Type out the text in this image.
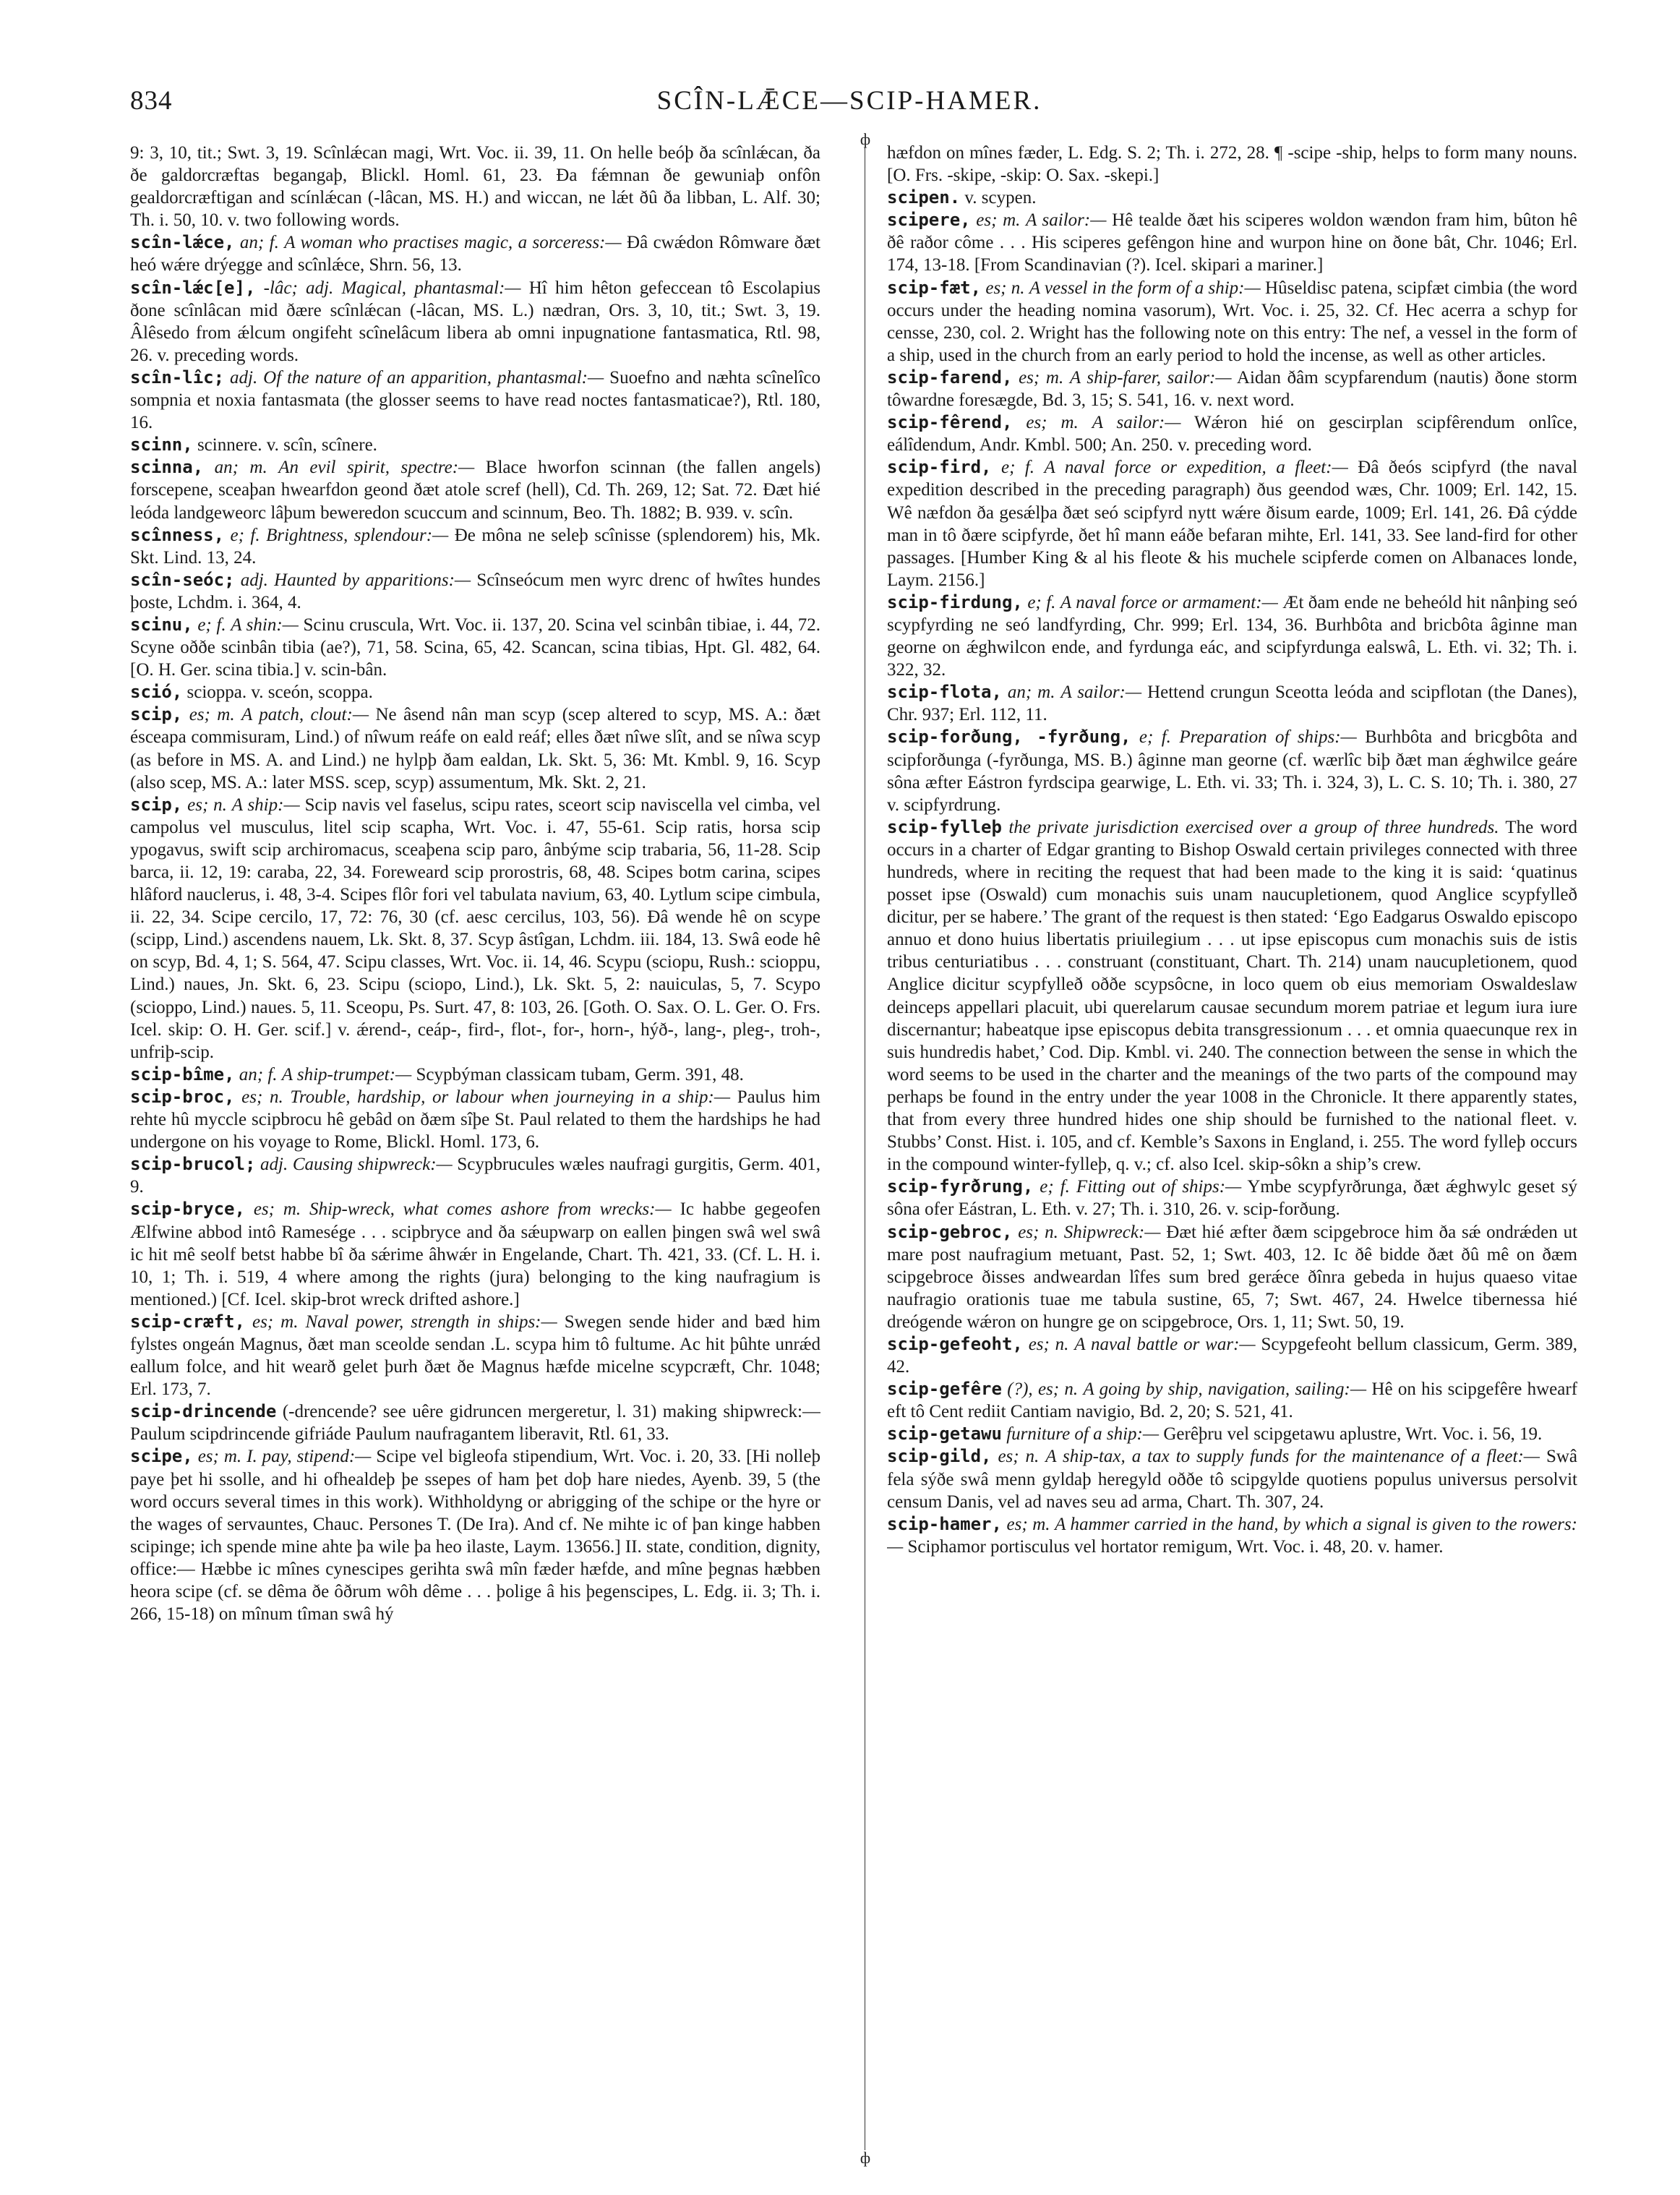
834	SCÎN-LǢCE—SCIP-HAMER.

9: 3, 10, tit.; Swt. 3, 19. Scînlǽcan magi, Wrt. Voc. ii. 39, 11. On helle beóþ ða scînlǽcan, ða ðe galdorcræftas begangaþ, Blickl. Homl. 61, 23. Ða fǽmnan ðe gewuniaþ onfôn gealdorcræftigan and scínlǽcan (-lâcan, MS. H.) and wiccan, ne lǽt ðû ða libban, L. Alf. 30; Th. i. 50, 10. v. two following words.

scîn-lǽce, an; f. A woman who practises magic, a sorceress:— Ðâ cwǽdon Rômware ðæt heó wǽre drýegge and scînlǽce, Shrn. 56, 13.

scîn-lǽc[e], -lâc; adj. Magical, phantasmal:— Hî him hêton gefeccean tô Escolapius ðone scînlâcan mid ðære scînlǽcan (-lâcan, MS. L.) nædran, Ors. 3, 10, tit.; Swt. 3, 19. Âlêsedo from ǽlcum ongifeht scînelâcum libera ab omni inpugnatione fantasmatica, Rtl. 98, 26. v. preceding words.

scîn-lîc; adj. Of the nature of an apparition, phantasmal:— Suoefno and næhta scînelîco sompnia et noxia fantasmata (the glosser seems to have read noctes fantasmaticae?), Rtl. 180, 16.

scinn, scinnere. v. scîn, scînere.

scinna, an; m. An evil spirit, spectre:— Blace hworfon scinnan (the fallen angels) forscepene, sceaþan hwearfdon geond ðæt atole scref (hell), Cd. Th. 269, 12; Sat. 72. Ðæt hié leóda landgeweorc lâþum beweredon scuccum and scinnum, Beo. Th. 1882; B. 939. v. scîn.

scînness, e; f. Brightness, splendour:— Ðe môna ne seleþ scînisse (splendorem) his, Mk. Skt. Lind. 13, 24.

scîn-seóc; adj. Haunted by apparitions:— Scînseócum men wyrc drenc of hwîtes hundes þoste, Lchdm. i. 364, 4.

scinu, e; f. A shin:— Scinu cruscula, Wrt. Voc. ii. 137, 20. Scina vel scinbân tibiae, i. 44, 72. Scyne oððe scinbân tibia (ae?), 71, 58. Scina, 65, 42. Scancan, scina tibias, Hpt. Gl. 482, 64. [O. H. Ger. scina tibia.] v. scin-bân.

sció, scioppa. v. sceón, scoppa.

scip, es; m. A patch, clout:— Ne âsend nân man scyp (scep altered to scyp, MS. A.: ðæt ésceapa commisuram, Lind.) of nîwum reáfe on eald reáf; elles ðæt nîwe slît, and se nîwa scyp (as before in MS. A. and Lind.) ne hylpþ ðam ealdan, Lk. Skt. 5, 36: Mt. Kmbl. 9, 16. Scyp (also scep, MS. A.: later MSS. scep, scyp) assumentum, Mk. Skt. 2, 21.

scip, es; n. A ship:— Scip navis vel faselus, scipu rates, sceort scip naviscella vel cimba, vel campolus vel musculus, litel scip scapha, Wrt. Voc. i. 47, 55-61. Scip ratis, horsa scip ypogavus, swift scip archiromacus, sceaþena scip paro, ânbýme scip trabaria, 56, 11-28. Scip barca, ii. 12, 19: caraba, 22, 34. Foreweard scip prorostris, 68, 48. Scipes botm carina, scipes hlâford nauclerus, i. 48, 3-4. Scipes flôr fori vel tabulata navium, 63, 40. Lytlum scipe cimbula, ii. 22, 34. Scipe cercilo, 17, 72: 76, 30 (cf. aesc cercilus, 103, 56). Ðâ wende hê on scype (scipp, Lind.) ascendens nauem, Lk. Skt. 8, 37. Scyp âstîgan, Lchdm. iii. 184, 13. Swâ eode hê on scyp, Bd. 4, 1; S. 564, 47. Scipu classes, Wrt. Voc. ii. 14, 46. Scypu (sciopu, Rush.: scioppu, Lind.) naues, Jn. Skt. 6, 23. Scipu (sciopo, Lind.), Lk. Skt. 5, 2: nauiculas, 5, 7. Scypo (scioppo, Lind.) naues. 5, 11. Sceopu, Ps. Surt. 47, 8: 103, 26. [Goth. O. Sax. O. L. Ger. O. Frs. Icel. skip: O. H. Ger. scif.] v. ǽrend-, ceáp-, fird-, flot-, for-, horn-, hýð-, lang-, pleg-, troh-, unfriþ-scip.

scip-bîme, an; f. A ship-trumpet:— Scypbýman classicam tubam, Germ. 391, 48.

scip-broc, es; n. Trouble, hardship, or labour when journeying in a ship:— Paulus him rehte hû myccle scipbrocu hê gebâd on ðæm sîþe St. Paul related to them the hardships he had undergone on his voyage to Rome, Blickl. Homl. 173, 6.

scip-brucol; adj. Causing shipwreck:— Scypbrucules wæles naufragi gurgitis, Germ. 401, 9.

scip-bryce, es; m. Ship-wreck, what comes ashore from wrecks:— Ic habbe gegeofen Ælfwine abbod intô Ramesége . . . scipbryce and ða sǽupwarp on eallen þingen swâ wel swâ ic hit mê seolf betst habbe bî ða sǽrime âhwǽr in Engelande, Chart. Th. 421, 33. (Cf. L. H. i. 10, 1; Th. i. 519, 4 where among the rights (jura) belonging to the king naufragium is mentioned.) [Cf. Icel. skip-brot wreck drifted ashore.]

scip-cræft, es; m. Naval power, strength in ships:— Swegen sende hider and bæd him fylstes ongeán Magnus, ðæt man sceolde sendan .L. scypa him tô fultume. Ac hit þûhte unrǽd eallum folce, and hit wearð gelet þurh ðæt ðe Magnus hæfde micelne scypcræft, Chr. 1048; Erl. 173, 7.

scip-drincende (-drencende? see uêre gidruncen mergeretur, l. 31) making shipwreck:—Paulum scipdrincende gifriáde Paulum naufragantem liberavit, Rtl. 61, 33.

scipe, es; m. I. pay, stipend:— Scipe vel bigleofa stipendium, Wrt. Voc. i. 20, 33. [Hi nolleþ paye þet hi ssolle, and hi ofhealdeþ þe ssepes of ham þet doþ hare niedes, Ayenb. 39, 5 (the word occurs several times in this work). Withholdyng or abrigging of the schipe or the hyre or the wages of servauntes, Chauc. Persones T. (De Ira). And cf. Ne mihte ic of þan kinge habben scipinge; ich spende mine ahte þa wile þa heo ilaste, Laym. 13656.] II. state, condition, dignity, office:— Hæbbe ic mînes cynescipes gerihta swâ mîn fæder hæfde, and mîne þegnas hæbben heora scipe (cf. se dêma ðe ôðrum wôh dême . . . þolige â his þegenscipes, L. Edg. ii. 3; Th. i. 266, 15-18) on mînum tîman swâ hý

ф
ф

hæfdon on mînes fæder, L. Edg. S. 2; Th. i. 272, 28. ¶ -scipe -ship, helps to form many nouns. [O. Frs. -skipe, -skip: O. Sax. -skepi.]

scipen. v. scypen.

scipere, es; m. A sailor:— Hê tealde ðæt his sciperes woldon wændon fram him, bûton hê ðê raðor côme . . . His sciperes gefêngon hine and wurpon hine on ðone bât, Chr. 1046; Erl. 174, 13-18. [From Scandinavian (?). Icel. skipari a mariner.]

scip-fæt, es; n. A vessel in the form of a ship:— Hûseldisc patena, scipfæt cimbia (the word occurs under the heading nomina vasorum), Wrt. Voc. i. 25, 32. Cf. Hec acerra a schyp for censse, 230, col. 2. Wright has the following note on this entry: The nef, a vessel in the form of a ship, used in the church from an early period to hold the incense, as well as other articles.

scip-farend, es; m. A ship-farer, sailor:— Aidan ðâm scypfarendum (nautis) ðone storm tôwardne foresægde, Bd. 3, 15; S. 541, 16. v. next word.

scip-fêrend, es; m. A sailor:— Wǽron hié on gescirplan scipfêrendum onlîce, eálîdendum, Andr. Kmbl. 500; An. 250. v. preceding word.

scip-fird, e; f. A naval force or expedition, a fleet:— Ðâ ðeós scipfyrd (the naval expedition described in the preceding paragraph) ðus geendod wæs, Chr. 1009; Erl. 142, 15. Wê næfdon ða gesǽlþa ðæt seó scipfyrd nytt wǽre ðisum earde, 1009; Erl. 141, 26. Ðâ cýdde man in tô ðære scipfyrde, ðet hî mann eáðe befaran mihte, Erl. 141, 33. See land-fird for other passages. [Humber King & al his fleote & his muchele scipferde comen on Albanaces londe, Laym. 2156.]

scip-firdung, e; f. A naval force or armament:— Æt ðam ende ne beheóld hit nânþing seó scypfyrding ne seó landfyrding, Chr. 999; Erl. 134, 36. Burhbôta and bricbôta âginne man georne on ǽghwilcon ende, and fyrdunga eác, and scipfyrdunga ealswâ, L. Eth. vi. 32; Th. i. 322, 32.

scip-flota, an; m. A sailor:— Hettend crungun Sceotta leóda and scipflotan (the Danes), Chr. 937; Erl. 112, 11.

scip-forðung, -fyrðung, e; f. Preparation of ships:— Burhbôta and bricgbôta and scipforðunga (-fyrðunga, MS. B.) âginne man georne (cf. wærlîc biþ ðæt man ǽghwilce geáre sôna æfter Eástron fyrdscipa gearwige, L. Eth. vi. 33; Th. i. 324, 3), L. C. S. 10; Th. i. 380, 27 v. scipfyrdrung.

scip-fylleþ the private jurisdiction exercised over a group of three hundreds. The word occurs in a charter of Edgar granting to Bishop Oswald certain privileges connected with three hundreds, where in reciting the request that had been made to the king it is said: ‘quatinus posset ipse (Oswald) cum monachis suis unam naucupletionem, quod Anglice scypfylleð dicitur, per se habere.’ The grant of the request is then stated: ‘Ego Eadgarus Oswaldo episcopo annuo et dono huius libertatis priuilegium . . . ut ipse episcopus cum monachis suis de istis tribus centuriatibus . . . construant (constituant, Chart. Th. 214) unam naucupletionem, quod Anglice dicitur scypfylleð oððe scypsôcne, in loco quem ob eius memoriam Oswaldeslaw deinceps appellari placuit, ubi querelarum causae secundum morem patriae et legum iura iure discernantur; habeatque ipse episcopus debita transgressionum . . . et omnia quaecunque rex in suis hundredis habet,’ Cod. Dip. Kmbl. vi. 240. The connection between the sense in which the word seems to be used in the charter and the meanings of the two parts of the compound may perhaps be found in the entry under the year 1008 in the Chronicle. It there apparently states, that from every three hundred hides one ship should be furnished to the national fleet. v. Stubbs’ Const. Hist. i. 105, and cf. Kemble’s Saxons in England, i. 255. The word fylleþ occurs in the compound winter-fylleþ, q. v.; cf. also Icel. skip-sôkn a ship’s crew.

scip-fyrðrung, e; f. Fitting out of ships:— Ymbe scypfyrðrunga, ðæt ǽghwylc geset sý sôna ofer Eástran, L. Eth. v. 27; Th. i. 310, 26. v. scip-forðung.

scip-gebroc, es; n. Shipwreck:— Ðæt hié æfter ðæm scipgebroce him ða sǽ ondrǽden ut mare post naufragium metuant, Past. 52, 1; Swt. 403, 12. Ic ðê bidde ðæt ðû mê on ðæm scipgebroce ðisses andweardan lîfes sum bred gerǽce ðînra gebeda in hujus quaeso vitae naufragio orationis tuae me tabula sustine, 65, 7; Swt. 467, 24. Hwelce tibernessa hié dreógende wǽron on hungre ge on scipgebroce, Ors. 1, 11; Swt. 50, 19.

scip-gefeoht, es; n. A naval battle or war:— Scypgefeoht bellum classicum, Germ. 389, 42.

scip-gefêre (?), es; n. A going by ship, navigation, sailing:— Hê on his scipgefêre hwearf eft tô Cent rediit Cantiam navigio, Bd. 2, 20; S. 521, 41.

scip-getawu furniture of a ship:— Gerêþru vel scipgetawu aplustre, Wrt. Voc. i. 56, 19.

scip-gild, es; n. A ship-tax, a tax to supply funds for the maintenance of a fleet:— Swâ fela sýðe swâ menn gyldaþ heregyld oððe tô scipgylde quotiens populus universus persolvit censum Danis, vel ad naves seu ad arma, Chart. Th. 307, 24.

scip-hamer, es; m. A hammer carried in the hand, by which a signal is given to the rowers:— Sciphamor portisculus vel hortator remigum, Wrt. Voc. i. 48, 20. v. hamer.
